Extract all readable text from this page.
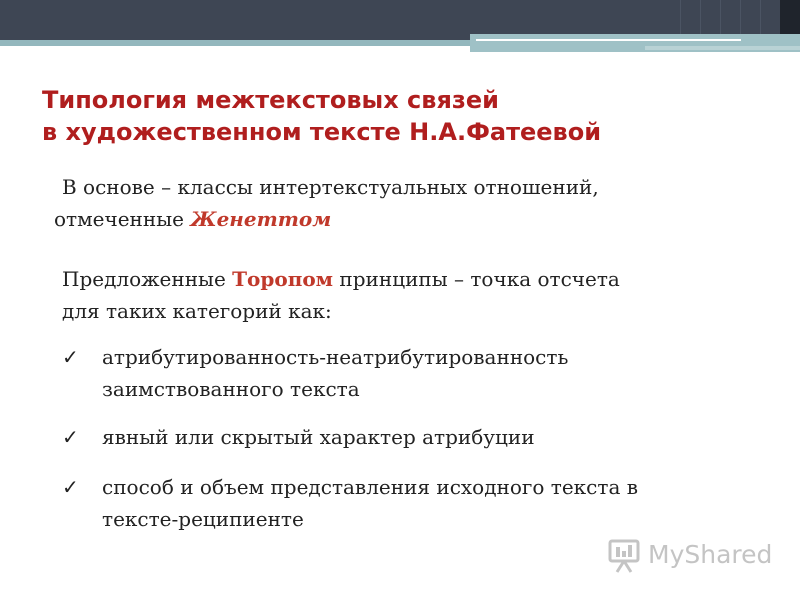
Типология межтекстовых связей
в художественном тексте Н.А.Фатеевой
В основе – классы интертекстуальных отношений,
отмеченные Женеттом
Предложенные Торопом принципы – точка отсчета
для таких категорий как:
✓ атрибутированность-неатрибутированность
заимствованного текста
✓ явный или скрытый характер атрибуции
✓ способ и объем представления исходного текста в
тексте-реципиенте
MyShared
